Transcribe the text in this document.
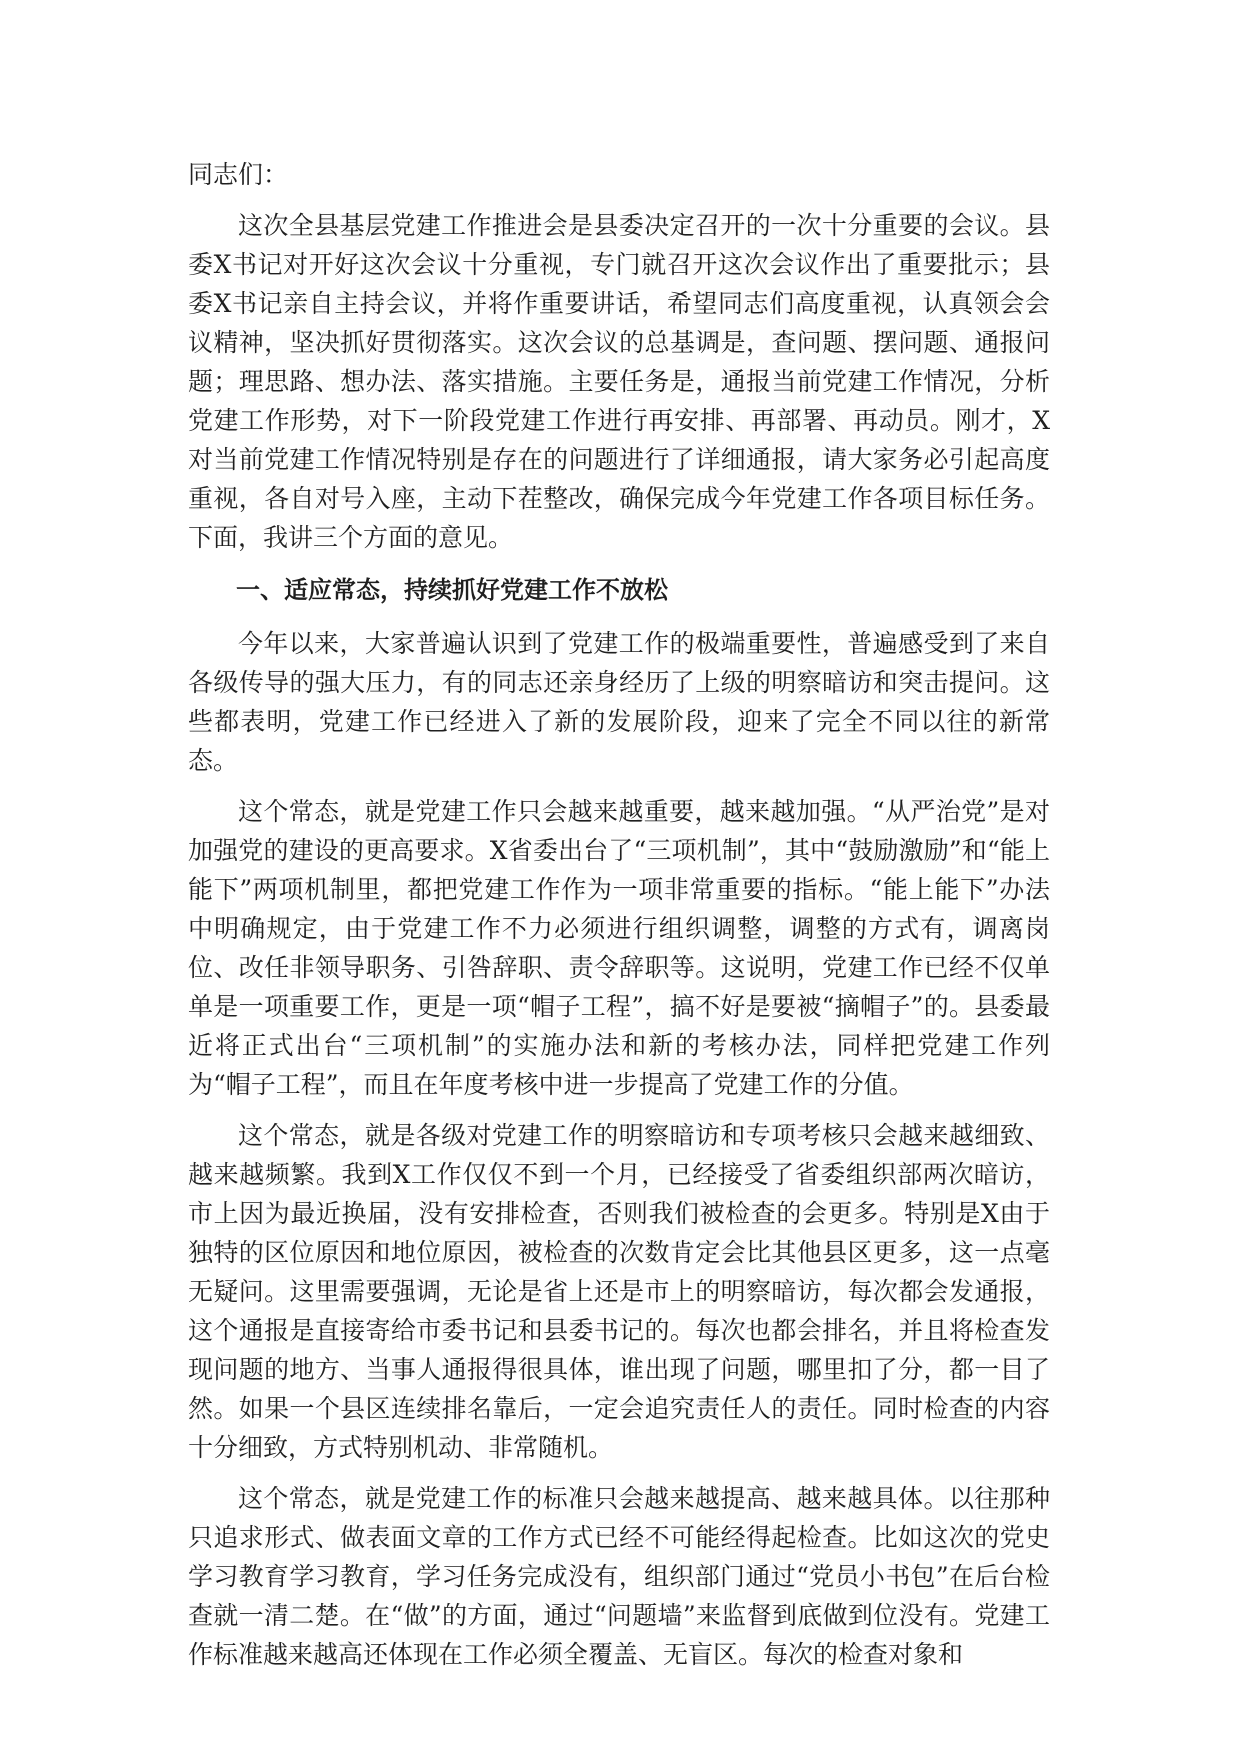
同志们：

这次全县基层党建工作推进会是县委决定召开的一次十分重要的会议。县委X书记对开好这次会议十分重视，专门就召开这次会议作出了重要批示；县委X书记亲自主持会议，并将作重要讲话，希望同志们高度重视，认真领会会议精神，坚决抓好贯彻落实。这次会议的总基调是，查问题、摆问题、通报问题；理思路、想办法、落实措施。主要任务是，通报当前党建工作情况，分析党建工作形势，对下一阶段党建工作进行再安排、再部署、再动员。刚才，X对当前党建工作情况特别是存在的问题进行了详细通报，请大家务必引起高度重视，各自对号入座，主动下茬整改，确保完成今年党建工作各项目标任务。下面，我讲三个方面的意见。

一、适应常态，持续抓好党建工作不放松

今年以来，大家普遍认识到了党建工作的极端重要性，普遍感受到了来自各级传导的强大压力，有的同志还亲身经历了上级的明察暗访和突击提问。这些都表明，党建工作已经进入了新的发展阶段，迎来了完全不同以往的新常态。

这个常态，就是党建工作只会越来越重要，越来越加强。“从严治党”是对加强党的建设的更高要求。X省委出台了“三项机制”，其中“鼓励激励”和“能上能下”两项机制里，都把党建工作作为一项非常重要的指标。“能上能下”办法中明确规定，由于党建工作不力必须进行组织调整，调整的方式有，调离岗位、改任非领导职务、引咎辞职、责令辞职等。这说明，党建工作已经不仅单单是一项重要工作，更是一项“帽子工程”，搞不好是要被“摘帽子”的。县委最近将正式出台“三项机制”的实施办法和新的考核办法，同样把党建工作列为“帽子工程”，而且在年度考核中进一步提高了党建工作的分值。

这个常态，就是各级对党建工作的明察暗访和专项考核只会越来越细致、越来越频繁。我到X工作仅仅不到一个月，已经接受了省委组织部两次暗访，市上因为最近换届，没有安排检查，否则我们被检查的会更多。特别是X由于独特的区位原因和地位原因，被检查的次数肯定会比其他县区更多，这一点毫无疑问。这里需要强调，无论是省上还是市上的明察暗访，每次都会发通报，这个通报是直接寄给市委书记和县委书记的。每次也都会排名，并且将检查发现问题的地方、当事人通报得很具体，谁出现了问题，哪里扣了分，都一目了然。如果一个县区连续排名靠后，一定会追究责任人的责任。同时检查的内容十分细致，方式特别机动、非常随机。

这个常态，就是党建工作的标准只会越来越提高、越来越具体。以往那种只追求形式、做表面文章的工作方式已经不可能经得起检查。比如这次的党史学习教育学习教育，学习任务完成没有，组织部门通过“党员小书包”在后台检查就一清二楚。在“做”的方面，通过“问题墙”来监督到底做到位没有。党建工作标准越来越高还体现在工作必须全覆盖、无盲区。每次的检查对象和
